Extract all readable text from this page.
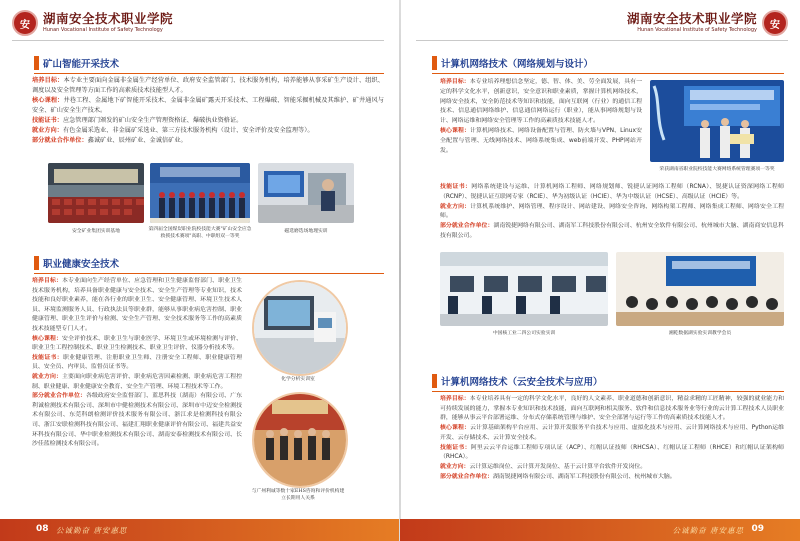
安	湖南安全技术职业学院
Hunan Vocational Institute of Safety Technology
矿山智能开采技术

培养目标：本专业主要面向金属非金属生产经营单位、政府安全监管部门、技术服务机构，培养能够从事采矿生产设计、组织、调度以及安全管理等方面工作的高素质技术技能型人才。

核心课程：井巷工程、金属地下矿智能开采技术、金属非金属矿露天开采技术、工程爆破、智能采掘机械及其维护、矿井通风与安全、矿山安全生产技术。

技能证书：应急管理部门颁发的矿山安全生产管理资格证、爆破执业资格证。

就业方向：有色金属采选业、非金属矿采选业、第三方技术服务机构（设计、安全评价及安全监理等）。

部分就业合作单位：鑫诚矿业、辰州矿业、金诚信矿业。

安全矿业集团实训基地	第四届全国煤炭职业院校技能大赛"矿山安全应急救援技术赛项"高职、中职组双一等奖
磁选磨选场地理实训
职业健康安全技术

培养目标：本专业面向生产经营单位、应急管理和卫生健康监督部门、职业卫生技术服务机构，培养具备职业健康与安全技术、安全生产管理等专业知识，技术技能和良好职业素养，能在各行业的职业卫生、安全健康管理、环境卫生技术人员、环境监测服务人员、行政执法员等职业群，能够从事职业病危害控制、职业健康管理、职业卫生评价与检测、安全生产管理、安全技术服务等工作的高素质技术技能型专门人才。

核心课程：安全评价技术、职业卫生与职业医学、环境卫生或环境检测与评价、职业卫生工程控制技术、职业卫生检测技术、职业卫生评价、仪器分析技术等。

技能证书：职业健康管理、注册职业卫生师、注册安全工程师、职业健康管理员、安全员、内审员、监督员证书等。

就业方向：主要面向职业病危害评价、职业病危害因素检测、职业病危害工程控制、职业健康、职业健康安全教育、安全生产管理、环境工程技术等工作。

部分就业合作单位：各级政府安全监督部门、蓝思科技（湖南）有限公司、广东利诚检测技术有限公司、深圳市中健检测技术有限公司、深圳市中迈安全检测技术有限公司、东莞科朗检测评价技术服务有限公司、浙江求是检测科技有限公司、浙江安联检测科技有限公司、福建汇翔职业健康评价有限公司、福建共益安环科技有限公司、华中职业检测技术有限公司、湖南安泰检测技术有限公司、长沙佳蓝检测技术有限公司。

化学分析实训室
与广州利诚等数十家EHS咨询和评价机构建立长期用人关系
08 公诚勤奋 唐安惠思
湖南安全技术职业学院
Hunan Vocational Institute of Safety Technology	安
计算机网络技术（网络规划与设计）

培养目标：本专业培养理想信念坚定，德、智、体、美、劳全面发展，具有一定的科学文化水平，创新意识，安全意识和职业素质，掌握计算机网络技术，网络安全技术，安全防范技术等知识和技能，面向互联网（行业）的通信工程技术、信息通信网络维护、信息通信网络运行（职业），能从事网络规划与设计、网络运维和网络安全管理等工作的高素质技术技能人才。

核心课程：计算机网络技术、网络设备配置与管理、防火墙与VPN、Linux安全配置与管理、无线网络技术、网络系统集成、web前端开发、PHP网站开发。

技能证书：网络系统建设与运维、计算机网络工程师、网络规划师、锐捷认证网络工程师（RCNA）、锐捷认证资深网络工程师（RCNP）、锐捷认证互联网专家（RCIE）、华为初级认证（HCIE）、华为中级认证（HCSE）、高级认证（HCIE）等。

就业方向：计算机系统维护、网络管理、程序设计、网站建设、网络安全咨询、网络构架工程师、网络集成工程师、网络安全工程师。

部分就业合作单位：湖南锐捷网络有限公司、湖南军工科技股份有限公司、杭州安全软件有限公司、杭州城市大脑、湖南商安信息科技有限公司。

荣获湖南省职业院校技能大赛网络系统管理赛项一等奖
中国核工业二四公司实验实训	湘乾数据湖实验实训教学会员
计算机网络技术（云安全技术与应用）

培养目标：本专业培养具有一定的科学文化水平，良好的人文素养、职业道德和创新意识，精益求精的工匠精神，较强的就业能力和可持续发展的能力，掌握本专业知识和技术技能，面向互联网和相关服务、软件和信息技术服务业等行业的云计算工程技术人员职业群，能够从事云平台部署运维、分布式存储系统管理与维护、安全全部署与运行等工作的高素质技术技能人才。

核心课程：云计算基础架构平台应用、云计算开发服务平台技术与应用、虚拟化技术与应用、云计算网络技术与应用、Python运维开发、云存储技术、云计算安全技术。

技能证书：阿里云云平台运维工程师专项认证（ACP）、红帽认证技师（RHCSA）、红帽认证工程师（RHCE）和红帽认证架构师（RHCA）。

就业方向：云计算运维岗位、云计算开发岗位、基于云计算平台软件开发岗位。

部分就业合作单位：湖南锐捷网络有限公司、湖南军工科技股份有限公司、杭州城市大脑。

公诚勤奋 唐安惠思 09
